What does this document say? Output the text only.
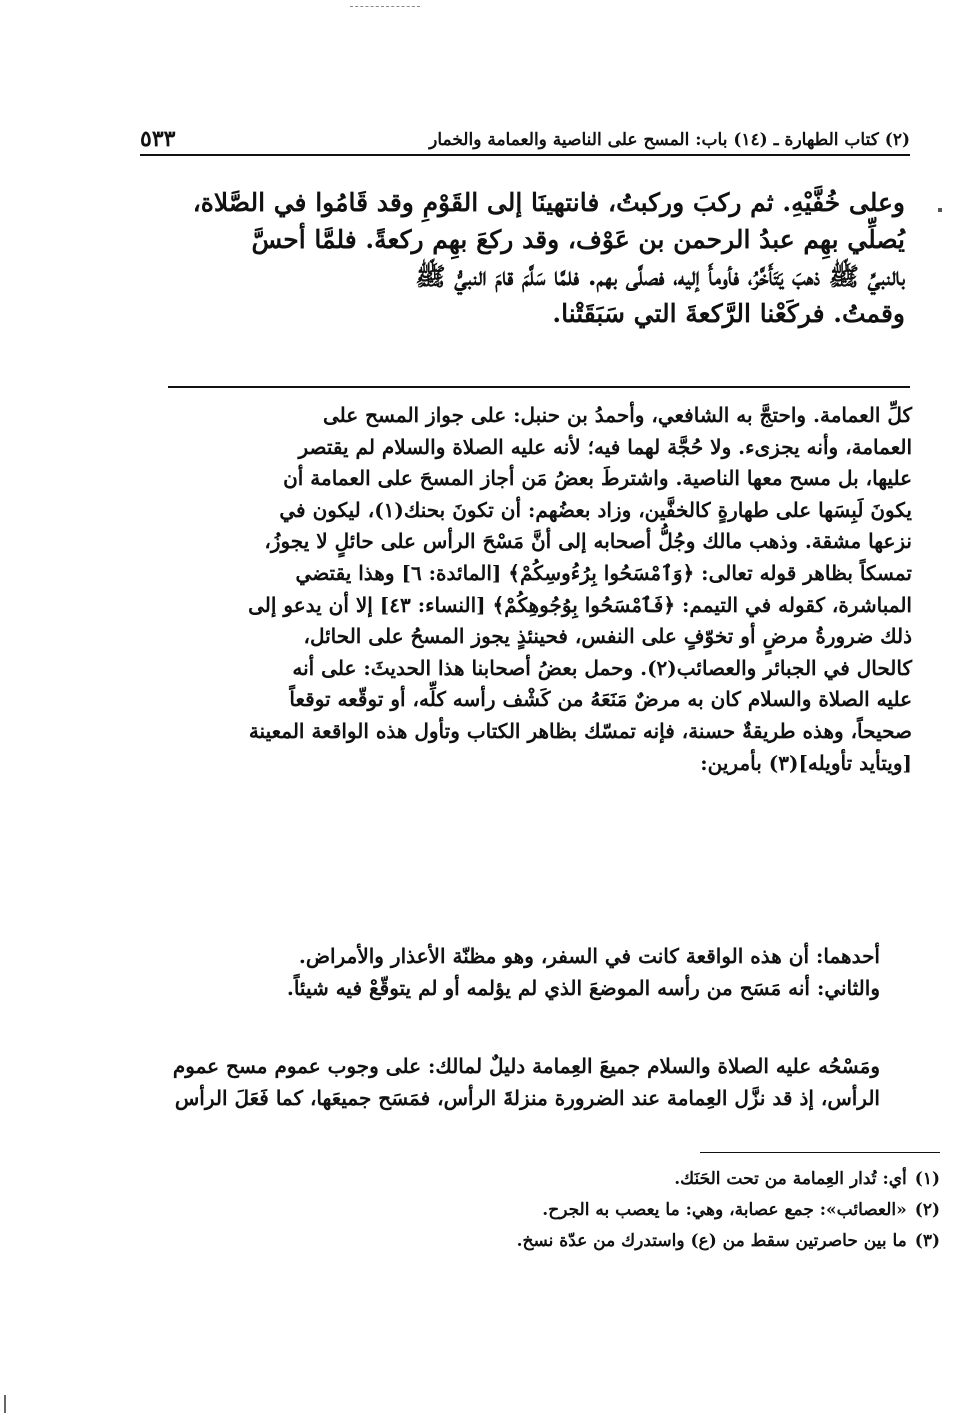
(٢) كتاب الطهارة ـ (١٤) باب: المسح على الناصية والعمامة والخمار
٥٣٣

وعلى خُفَّيْهِ. ثم ركبَ وركبتُ، فانتهينَا إلى القَوْمِ وقد قَامُوا في الصَّلاة،

يُصلِّي بهِم عبدُ الرحمن بن عَوْف، وقد ركعَ بهِم ركعةً. فلمَّا أحسَّ

بالنبيِّ ﷺ ذهبَ يَتَأَخَّرُ، فأومأَ إليه، فصلَّى بهم. فلمَّا سَلَّمَ قامَ النبيُّ ﷺ

وقمتُ. فركَعْنا الرَّكعةَ التي سَبَقَتْنا.

كلِّ العمامة. واحتجَّ به الشافعي، وأحمدُ بن حنبل: على جواز المسح على

العمامة، وأنه يجزىء. ولا حُجَّة لهما فيه؛ لأنه عليه الصلاة والسلام لم يقتصر

عليها، بل مسح معها الناصية. واشترطَ بعضُ مَن أجاز المسحَ على العمامة أن

يكونَ لَبِسَها على طهارةٍ كالخفَّين، وزاد بعضُهم: أن تكونَ بحنك(١)، ليكون في

نزعها مشقة. وذهب مالك وجُلُّ أصحابه إلى أنَّ مَسْحَ الرأس على حائلٍ لا يجوزُ،

تمسكاً بظاهر قوله تعالى: ﴿وَٱمْسَحُوا بِرُءُوسِكُمْ﴾ [المائدة: ٦] وهذا يقتضي

المباشرة، كقوله في التيمم: ﴿فَٱمْسَحُوا بِوُجُوهِكُمْ﴾ [النساء: ٤٣] إلا أن يدعو إلى

ذلك ضرورةُ مرضٍ أو تخوّفٍ على النفس، فحينئذٍ يجوز المسحُ على الحائل،

كالحال في الجبائر والعصائب(٢). وحمل بعضُ أصحابنا هذا الحديثَ: على أنه

عليه الصلاة والسلام كان به مرضٌ مَنَعَهُ من كَشْف رأسه كلِّه، أو توقّعه توقعاً

صحيحاً، وهذه طريقةٌ حسنة، فإنه تمسّك بظاهر الكتاب وتأول هذه الواقعة المعينة

[ويتأيد تأويله](٣) بأمرين:

أحدهما: أن هذه الواقعة كانت في السفر، وهو مظنّة الأعذار والأمراض.

والثاني: أنه مَسَح من رأسه الموضعَ الذي لم يؤلمه أو لم يتوقّعْ فيه شيئاً.

ومَسْحُه عليه الصلاة والسلام جميعَ العِمامة دليلٌ لمالك: على وجوب عموم مسح عموم

الرأس، إذ قد نزَّل العِمامة عند الضرورة منزلةَ الرأس، فمَسَح جميعَها، كما فَعَلَ الرأس

(١)أي: تُدار العِمامة من تحت الحَنَك.

(٢)«العصائب»: جمع عصابة، وهي: ما يعصب به الجرح.

(٣)ما بين حاصرتين سقط من (ع) واستدرك من عدّة نسخ.
